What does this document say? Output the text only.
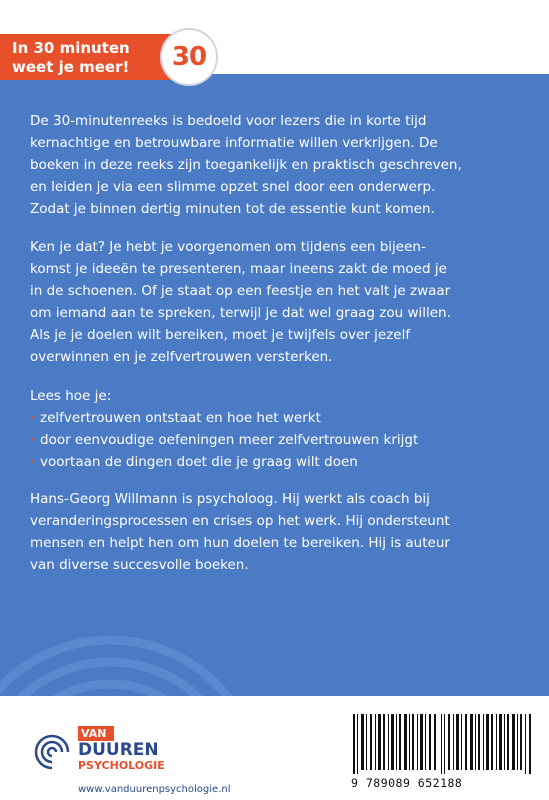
In 30 minuten
weet je meer!	30
De 30-minutenreeks is bedoeld voor lezers die in korte tijd
kernachtige en betrouwbare informatie willen verkrijgen. De
boeken in deze reeks zijn toegankelijk en praktisch geschreven,
en leiden je via een slimme opzet snel door een onderwerp.
Zodat je binnen dertig minuten tot de essentie kunt komen.
Ken je dat? Je hebt je voorgenomen om tijdens een bijeen-
komst je ideeën te presenteren, maar ineens zakt de moed je
in de schoenen. Of je staat op een feestje en het valt je zwaar
om iemand aan te spreken, terwijl je dat wel graag zou willen.
Als je je doelen wilt bereiken, moet je twijfels over jezelf
overwinnen en je zelfvertrouwen versterken.
Lees hoe je:
· zelfvertrouwen ontstaat en hoe het werkt
· door eenvoudige oefeningen meer zelfvertrouwen krijgt
· voortaan de dingen doet die je graag wilt doen
Hans-Georg Willmann is psycholoog. Hij werkt als coach bij
veranderingsprocessen en crises op het werk. Hij ondersteunt
mensen en helpt hen om hun doelen te bereiken. Hij is auteur
van diverse succesvolle boeken.
VAN
DUUREN
PSYCHOLOGIE
www.vanduurenpsychologie.nl	9 789089 652188
